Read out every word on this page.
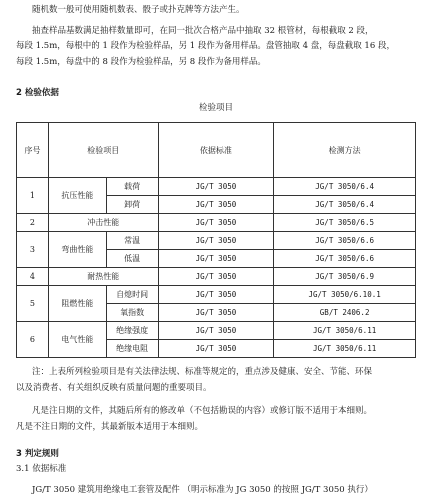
随机数一般可使用随机数表、骰子或扑克牌等方法产生。
抽查样品基数满足抽样数量即可，在同一批次合格产品中抽取 32 根管材，每根截取 2 段，
每段 1.5m，每根中的 1 段作为检验样品，另 1 段作为备用样品。盘管抽取 4 盘，每盘截取 16 段，
每段 1.5m，每盘中的 8 段作为检验样品，另 8 段作为备用样品。
2 检验依据
检验项目
序号	检验项目		依据标准	检测方法
1	抗压性能	载荷	JG/T 3050	JG/T 3050/6.4
		卸荷	JG/T 3050	JG/T 3050/6.4
2	冲击性能		JG/T 3050	JG/T 3050/6.5
3	弯曲性能	常温	JG/T 3050	JG/T 3050/6.6
		低温	JG/T 3050	JG/T 3050/6.6
4	耐热性能		JG/T 3050	JG/T 3050/6.9
5	阻燃性能	自熄时间	JG/T 3050	JG/T 3050/6.10.1
		氧指数	JG/T 3050	GB/T 2406.2
6	电气性能	绝缘强度	JG/T 3050	JG/T 3050/6.11
		绝缘电阻	JG/T 3050	JG/T 3050/6.11
注：上表所列检验项目是有关法律法规、标准等规定的，重点涉及健康、安全、节能、环保
以及消费者、有关组织反映有质量问题的重要项目。
凡是注日期的文件，其随后所有的修改单（不包括勘误的内容）或修订版不适用于本细则。
凡是不注日期的文件，其最新版本适用于本细则。
3 判定规则
3.1 依据标准
JG/T 3050 建筑用绝缘电工套管及配件 （明示标准为 JG 3050 的按照 JG/T 3050 执行）
